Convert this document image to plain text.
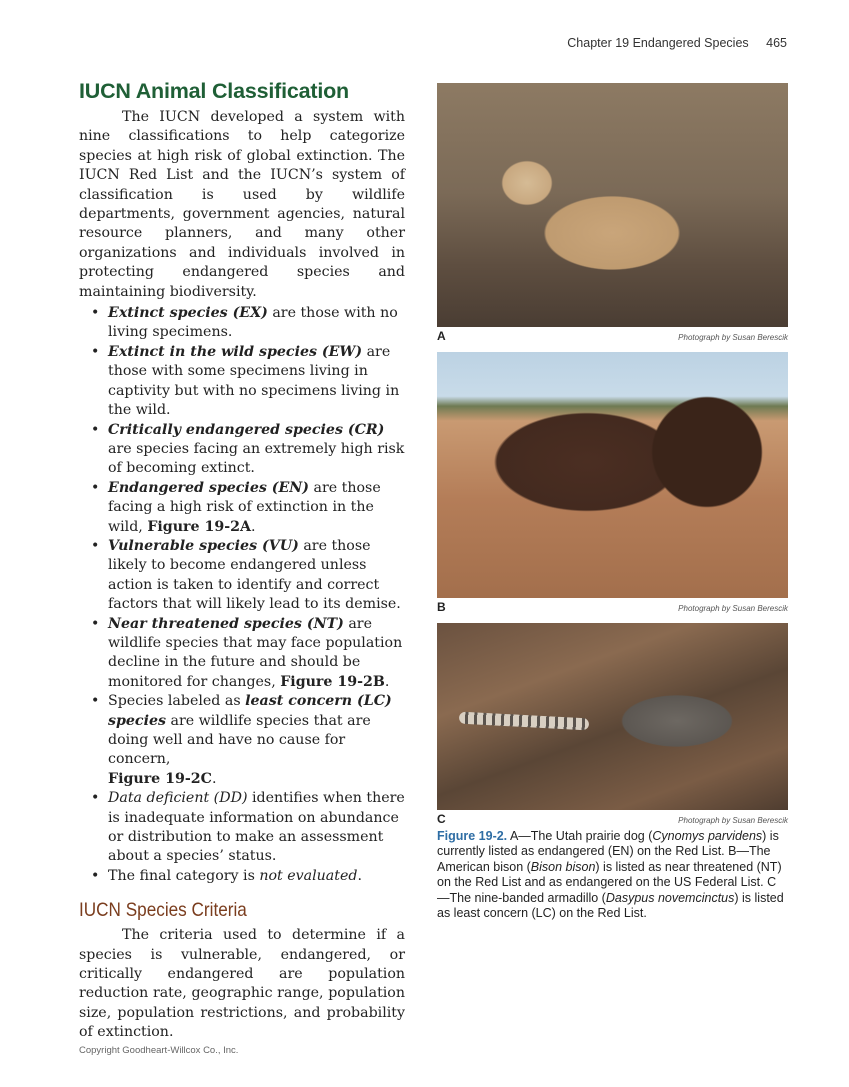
Chapter 19 Endangered Species 465
IUCN Animal Classification

The IUCN developed a system with nine classifications to help categorize species at high risk of global extinction. The IUCN Red List and the IUCN’s system of classification is used by wildlife departments, government agencies, natural resource planners, and many other organizations and individuals involved in protecting endangered species and maintaining biodiversity.

• Extinct species (EX) are those with no living specimens.
• Extinct in the wild species (EW) are those with some specimens living in captivity but with no specimens living in the wild.
• Critically endangered species (CR) are species facing an extremely high risk of becoming extinct.
• Endangered species (EN) are those facing a high risk of extinction in the wild, Figure 19-2A.
• Vulnerable species (VU) are those likely to become endangered unless action is taken to identify and correct factors that will likely lead to its demise.
• Near threatened species (NT) are wildlife species that may face population decline in the future and should be monitored for changes, Figure 19-2B.
• Species labeled as least concern (LC) species are wildlife species that are doing well and have no cause for concern,
Figure 19-2C.
• Data deficient (DD) identifies when there is inadequate information on abundance or distribution to make an assessment about a species’ status.
• The final category is not evaluated.
IUCN Species Criteria

The criteria used to determine if a species is vulnerable, endangered, or critically endangered are population reduction rate, geographic range, population size, population restrictions, and probability of extinction.

A	Photograph by Susan Berescik
B	Photograph by Susan Berescik
C	Photograph by Susan Berescik
Figure 19-2. A—The Utah prairie dog (Cynomys parvidens) is currently listed as endangered (EN) on the Red List. B—The American bison (Bison bison) is listed as near threatened (NT) on the Red List and as endangered on the US Federal List. C—The nine-banded armadillo (Dasypus novemcinctus) is listed as least concern (LC) on the Red List.
Copyright Goodheart-Willcox Co., Inc.
